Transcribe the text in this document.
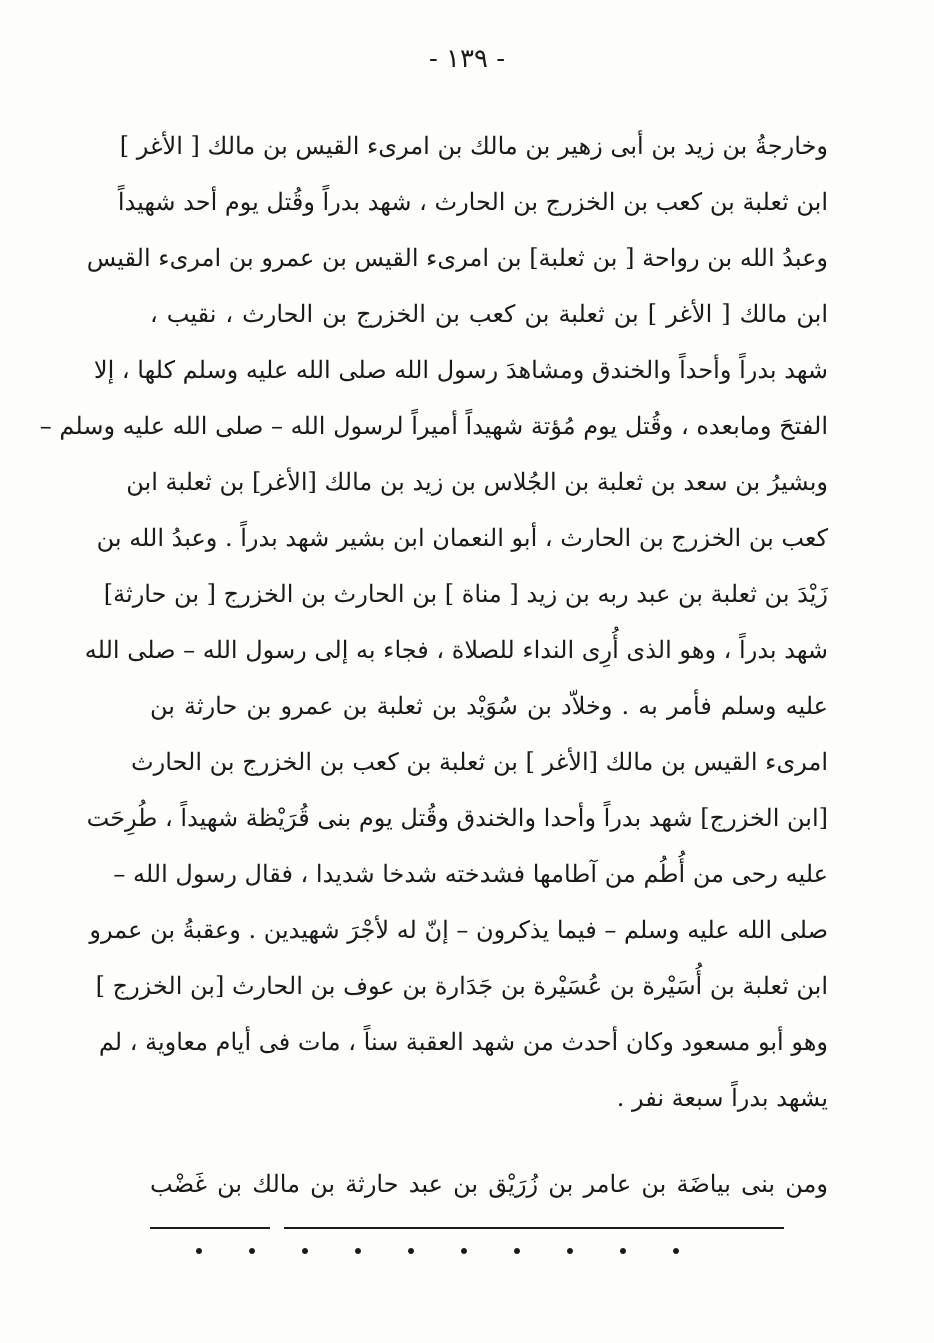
- ١٣٩ -
وخارجةُ بن زيد بن أبى زهير بن مالك بن امرىء القيس بن مالك [ الأغر ]
ابن ثعلبة بن كعب بن الخزرج بن الحارث ، شهد بدراً وقُتل يوم أحد شهيداً
وعبدُ الله بن رواحة [ بن ثعلبة] بن امرىء القيس بن عمرو بن امرىء القيس
ابن مالك [ الأغر ] بن ثعلبة بن كعب بن الخزرج بن الحارث ، نقيب ،
شهد بدراً وأحداً والخندق ومشاهدَ رسول الله صلى الله عليه وسلم كلها ، إلا
الفتحَ ومابعده ، وقُتل يوم مُؤتة شهيداً أميراً لرسول الله – صلى الله عليه وسلم –
وبشيرُ بن سعد بن ثعلبة بن الجُلاس بن زيد بن مالك [الأغر] بن ثعلبة ابن
كعب بن الخزرج بن الحارث ، أبو النعمان ابن بشير شهد بدراً . وعبدُ الله بن
زَيْدَ بن ثعلبة بن عبد ربه بن زيد [ مناة ] بن الحارث بن الخزرج [ بن حارثة]
شهد بدراً ، وهو الذى أُرِى النداء للصلاة ، فجاء به إلى رسول الله – صلى الله
عليه وسلم فأمر به . وخلاّد بن سُوَيْد بن ثعلبة بن عمرو بن حارثة بن
امرىء القيس بن مالك [الأغر ] بن ثعلبة بن كعب بن الخزرج بن الحارث
[ابن الخزرج] شهد بدراً وأحدا والخندق وقُتل يوم بنى قُرَيْظة شهيداً ، طُرِحَت
عليه رحى من أُطُم من آطامها فشدخته شدخا شديدا ، فقال رسول الله –
صلى الله عليه وسلم – فيما يذكرون – إنّ له لأجْرَ شهيدين . وعقبةُ بن عمرو
ابن ثعلبة بن أُسَيْرة بن عُسَيْرة بن جَدَارة بن عوف بن الحارث [بن الخزرج ]
وهو أبو مسعود وكان أحدث من شهد العقبة سناً ، مات فى أيام معاوية ، لم
يشهد بدراً سبعة نفر .
ومن بنى بياضَة بن عامر بن زُرَيْق بن عبد حارثة بن مالك بن غَضْب
